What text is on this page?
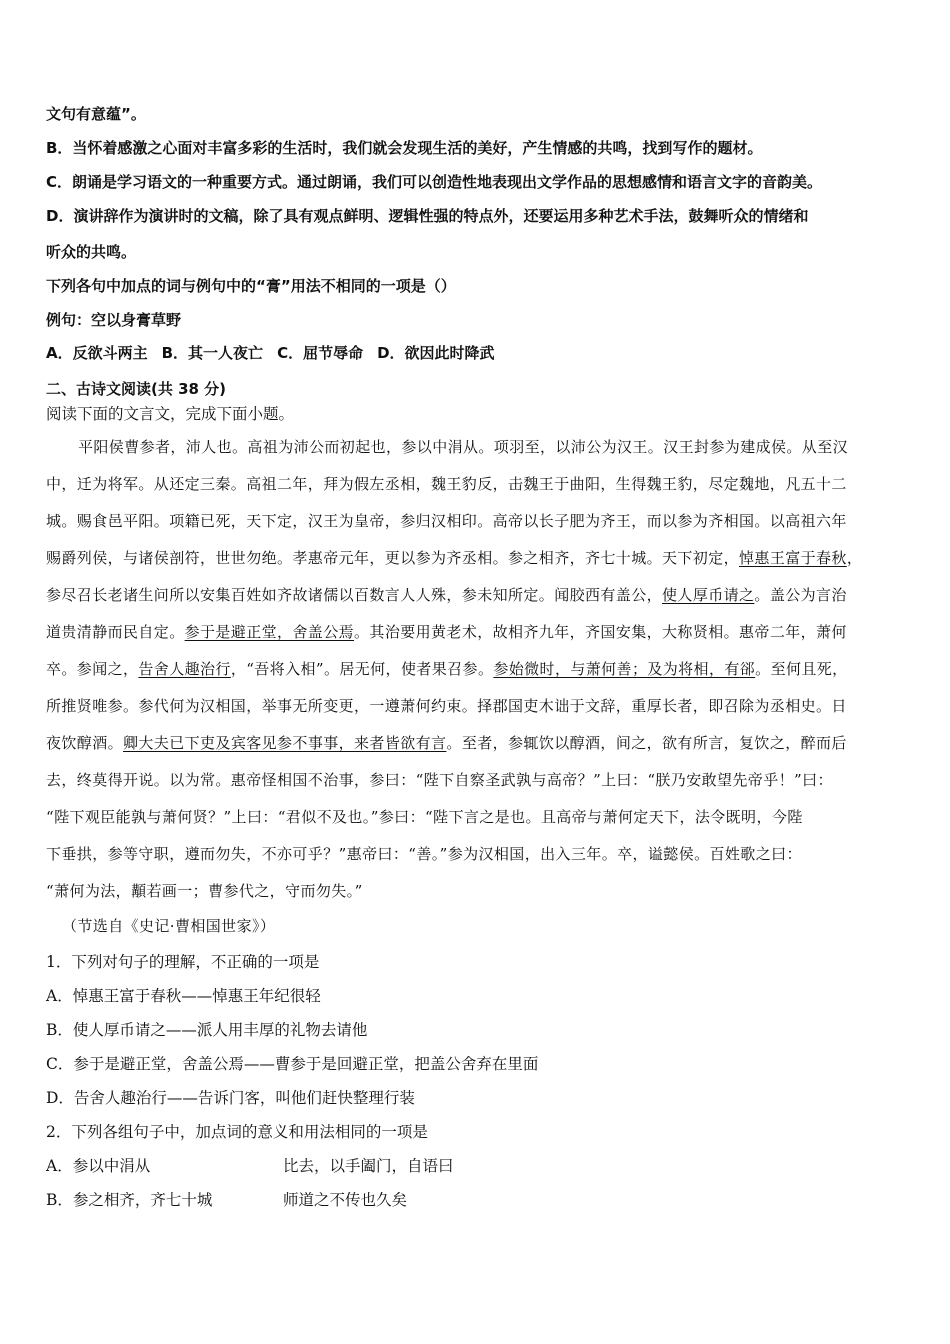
文句有意蕴”。
B．当怀着感激之心面对丰富多彩的生活时，我们就会发现生活的美好，产生情感的共鸣，找到写作的题材。
C．朗诵是学习语文的一种重要方式。通过朗诵，我们可以创造性地表现出文学作品的思想感情和语言文字的音韵美。
D．演讲辞作为演讲时的文稿，除了具有观点鲜明、逻辑性强的特点外，还要运用多种艺术手法，鼓舞听众的情绪和
听众的共鸣。
下列各句中加点的词与例句中的“膏”用法不相同的一项是（）
例句：空以身膏草野
A．反欲斗两主 B．其一人夜亡 C．屈节辱命 D．欲因此时降武
二、古诗文阅读(共 38 分)
阅读下面的文言文，完成下面小题。
平阳侯曹参者，沛人也。高祖为沛公而初起也，参以中涓从。项羽至，以沛公为汉王。汉王封参为建成侯。从至汉
中，迁为将军。从还定三秦。高祖二年，拜为假左丞相，魏王豹反，击魏王于曲阳，生得魏王豹，尽定魏地，凡五十二
城。赐食邑平阳。项籍已死，天下定，汉王为皇帝，参归汉相印。高帝以长子肥为齐王，而以参为齐相国。以高祖六年
赐爵列侯，与诸侯剖符，世世勿绝。孝惠帝元年，更以参为齐丞相。参之相齐，齐七十城。天下初定，悼惠王富于春秋，
参尽召长老诸生问所以安集百姓如齐故诸儒以百数言人人殊，参未知所定。闻胶西有盖公，使人厚币请之。盖公为言治
道贵清静而民自定。参于是避正堂，舍盖公焉。其治要用黄老术，故相齐九年，齐国安集，大称贤相。惠帝二年，萧何
卒。参闻之，告舍人趣治行，“吾将入相”。居无何，使者果召参。参始微时，与萧何善；及为将相，有郤。至何且死，
所推贤唯参。参代何为汉相国，举事无所变更，一遵萧何约束。择郡国吏木诎于文辞，重厚长者，即召除为丞相史。日
夜饮醇酒。卿大夫已下吏及宾客见参不事事，来者皆欲有言。至者，参辄饮以醇酒，间之，欲有所言，复饮之，醉而后
去，终莫得开说。以为常。惠帝怪相国不治事，参曰：“陛下自察圣武孰与高帝？”上曰：“朕乃安敢望先帝乎！”曰：
“陛下观臣能孰与萧何贤？”上曰：“君似不及也。”参曰：“陛下言之是也。且高帝与萧何定天下，法令既明，今陛
下垂拱，参等守职，遵而勿失，不亦可乎？”惠帝曰：“善。”参为汉相国，出入三年。卒，谥懿侯。百姓歌之曰：
“萧何为法，顜若画一；曹参代之，守而勿失。”
（节选自《史记·曹相国世家》）
1．下列对句子的理解，不正确的一项是
A．悼惠王富于春秋——悼惠王年纪很轻
B．使人厚币请之——派人用丰厚的礼物去请他
C．参于是避正堂，舍盖公焉——曹参于是回避正堂，把盖公舍弃在里面
D．告舍人趣治行——告诉门客，叫他们赶快整理行装
2．下列各组句子中，加点词的意义和用法相同的一项是
A．参以中涓从	比去，以手阖门，自语曰
B．参之相齐，齐七十城	师道之不传也久矣
